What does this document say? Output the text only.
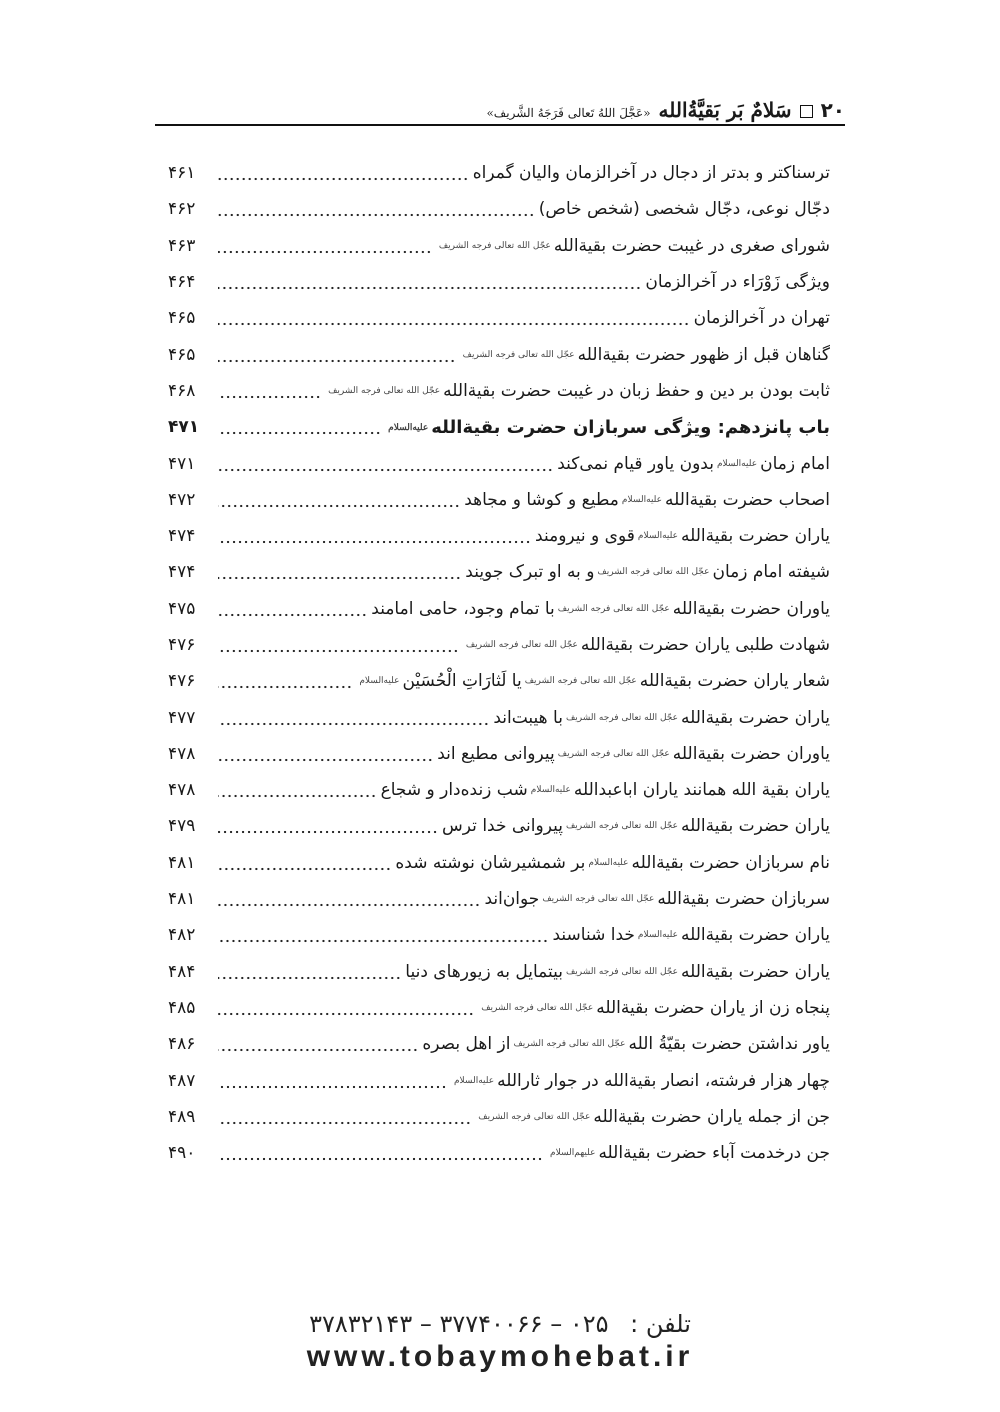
۲۰
سَلامٌ بَر بَقیَّةُالله
«عَجَّلَ اللهُ تَعالی فَرَجَهُ الشَّریف»
ترسناکتر و بدتر از دجال در آخرالزمان والیان گمراه
۴۶۱
دجّال نوعی، دجّال شخصی (شخص خاص)
۴۶۲
شورای صغری در غیبت حضرت بقیةاللهعجّل الله تعالی فرجه الشریف
۴۶۳
ویژگی زَوْرَاء در آخرالزمان
۴۶۴
تهران در آخرالزمان
۴۶۵
گناهان قبل از ظهور حضرت بقیةاللهعجّل الله تعالی فرجه الشریف
۴۶۵
ثابت بودن بر دین و حفظ زبان در غیبت حضرت بقیةاللهعجّل الله تعالی فرجه الشریف
۴۶۸
باب پانزدهم: ویژگی سربازان حضرت بقیةاللهعلیه‌السلام
۴۷۱
امام زمانعلیه‌السلامبدون یاور قیام نمی‌کند
۴۷۱
اصحاب حضرت بقیةاللهعلیه‌السلاممطیع و کوشا و مجاهد
۴۷۲
یاران حضرت بقیةاللهعلیه‌السلامقوی و نیرومند
۴۷۴
شیفته امام زمانعجّل الله تعالی فرجه الشریفو به او تبرک جویند
۴۷۴
یاوران حضرت بقیةاللهعجّل الله تعالی فرجه الشریفبا تمام وجود، حامی امامند
۴۷۵
شهادت طلبی یاران حضرت بقیةاللهعجّل الله تعالی فرجه الشریف
۴۷۶
شعار یاران حضرت بقیةاللهعجّل الله تعالی فرجه الشریفیا لَثارَاتِ الْحُسَیْنعلیه‌السلام
۴۷۶
یاران حضرت بقیةاللهعجّل الله تعالی فرجه الشریفبا هیبت‌اند
۴۷۷
یاوران حضرت بقیةاللهعجّل الله تعالی فرجه الشریفپیروانی مطیع اند
۴۷۸
یاران بقیة الله همانند یاران اباعبداللهعلیه‌السلامشب زنده‌دار و شجاع
۴۷۸
یاران حضرت بقیةاللهعجّل الله تعالی فرجه الشریفپیروانی خدا ترس
۴۷۹
نام سربازان حضرت بقیةاللهعلیه‌السلامبر شمشیرشان نوشته شده
۴۸۱
سربازان حضرت بقیةاللهعجّل الله تعالی فرجه الشریفجوان‌اند
۴۸۱
یاران حضرت بقیةاللهعلیه‌السلامخدا شناسند
۴۸۲
یاران حضرت بقیةاللهعجّل الله تعالی فرجه الشریفبیتمایل به زیورهای دنیا
۴۸۴
پنجاه زن از یاران حضرت بقیةاللهعجّل الله تعالی فرجه الشریف
۴۸۵
یاور نداشتن حضرت بقیّةُ اللهعجّل الله تعالی فرجه الشریفاز اهل بصره
۴۸۶
چهار هزار فرشته، انصار بقیةالله در جوار ثاراللهعلیه‌السلام
۴۸۷
جن از جمله یاران حضرت بقیةاللهعجّل الله تعالی فرجه الشریف
۴۸۹
جن درخدمت آباء حضرت بقیةاللهعلیهم‌السلام
۴۹۰
تلفن : ۰۲۵ – ۳۷۷۴۰۰۶۶ – ۳۷۸۳۲۱۴۳
www.tobaymohebat.ir
